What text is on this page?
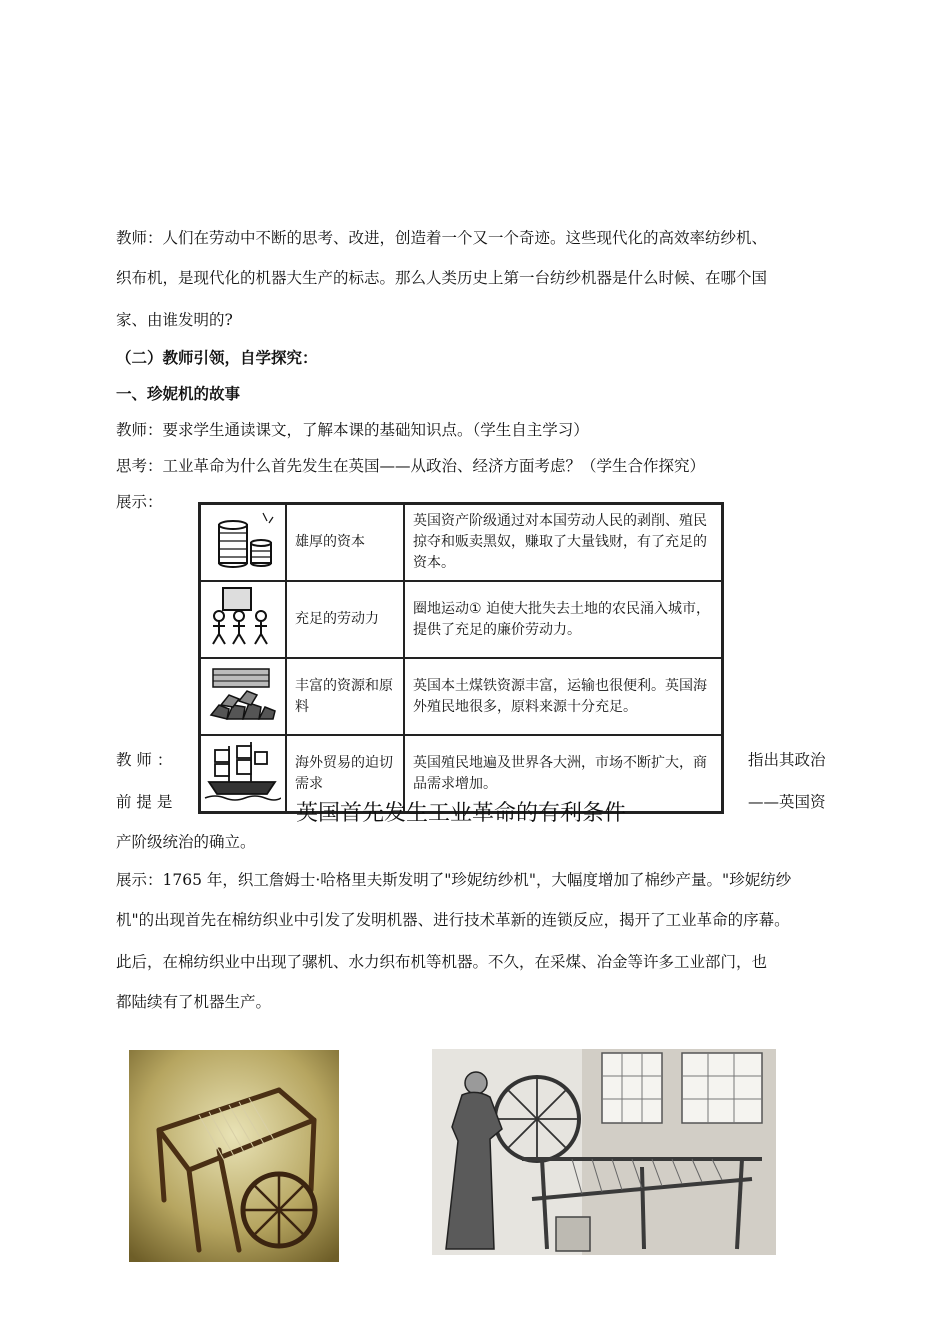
教师：人们在劳动中不断的思考、改进，创造着一个又一个奇迹。这些现代化的高效率纺纱机、
织布机，是现代化的机器大生产的标志。那么人类历史上第一台纺纱机器是什么时候、在哪个国
家、由谁发明的?
（二）教师引领，自学探究：
一、珍妮机的故事
教师：要求学生通读课文，了解本课的基础知识点。（学生自主学习）
思考：工业革命为什么首先发生在英国——从政治、经济方面考虑？（学生合作探究）
展示：
	雄厚的资本	英国资产阶级通过对本国劳动人民的剥削、殖民掠夺和贩卖黑奴，赚取了大量钱财，有了充足的资本。
	充足的劳动力	圈地运动① 迫使大批失去土地的农民涌入城市，提供了充足的廉价劳动力。
	丰富的资源和原料	英国本土煤铁资源丰富，运输也很便利。英国海外殖民地很多，原料来源十分充足。
	海外贸易的迫切需求	英国殖民地遍及世界各大洲，市场不断扩大，商品需求增加。
教 师 ：	指出其政治
前 提 是	——英国资
英国首先发生工业革命的有利条件
产阶级统治的确立。
展示：1765 年，织工詹姆士·哈格里夫斯发明了"珍妮纺纱机"，大幅度增加了棉纱产量。"珍妮纺纱
机"的出现首先在棉纺织业中引发了发明机器、进行技术革新的连锁反应，揭开了工业革命的序幕。
此后，在棉纺织业中出现了骡机、水力织布机等机器。不久，在采煤、冶金等许多工业部门，也
都陆续有了机器生产。
